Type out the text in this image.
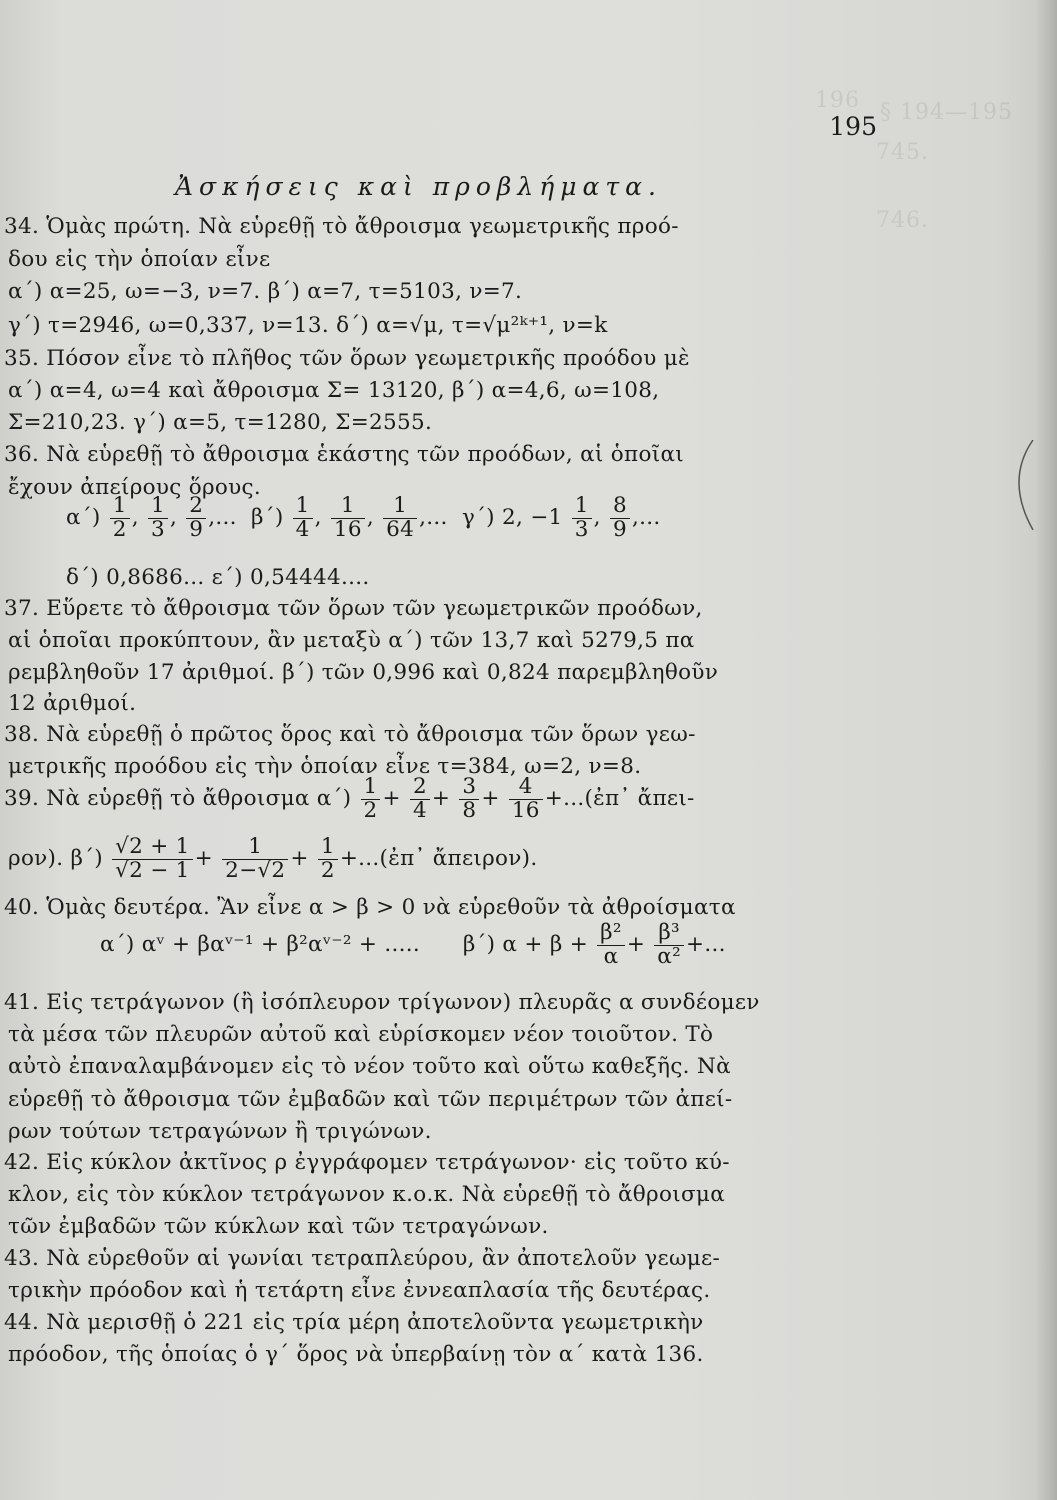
196 § 194—195
745.
746.
195
Ἀσκήσεις καὶ προβλήματα.
34. Ὁμὰς πρώτη. Νὰ εὑρεθῇ τὸ ἄθροισμα γεωμετρικῆς προό-
δου εἰς τὴν ὁποίαν εἶνε
α΄) α=25, ω=−3, ν=7. β΄) α=7, τ=5103, ν=7.
γ΄) τ=2946, ω=0,337, ν=13. δ΄) α=√μ, τ=√μ²ᵏ⁺¹, ν=k
35. Πόσον εἶνε τὸ πλῆθος τῶν ὅρων γεωμετρικῆς προόδου μὲ
α΄) α=4, ω=4 καὶ ἄθροισμα Σ= 13120, β΄) α=4,6, ω=108,
Σ=210,23. γ΄) α=5, τ=1280, Σ=2555.
36. Νὰ εὑρεθῇ τὸ ἄθροισμα ἑκάστης τῶν προόδων, αἱ ὁποῖαι
ἔχουν ἀπείρους ὅρους.
$\alpha΄) \frac{1}{2}$ , $\frac{1}{3}$ , $\frac{2}{9}$ ,... $\beta΄) \frac{1}{4}$ , $\frac{1}{16}$ , $\frac{1}{64}$ ,... γ΄) 2, $-1 \frac{1}{3}$ , $\frac{8}{9}$ ,...
δ΄) 0,8686... ε΄) 0,54444....
37. Εὕρετε τὸ ἄθροισμα τῶν ὅρων τῶν γεωμετρικῶν προόδων,
αἱ ὁποῖαι προκύπτουν, ἂν μεταξὺ α΄) τῶν 13,7 καὶ 5279,5 πα
ρεμβληθοῦν 17 ἀριθμοί. β΄) τῶν 0,996 καὶ 0,824 παρεμβληθοῦν
12 ἀριθμοί.
38. Νὰ εὑρεθῇ ὁ πρῶτος ὅρος καὶ τὸ ἄθροισμα τῶν ὅρων γεω-
μετρικῆς προόδου εἰς τὴν ὁποίαν εἶνε τ=384, ω=2, ν=8.
39. Νὰ εὑρεθῇ τὸ ἄθροισμα $\alpha΄) \frac{1}{2} + \frac{2}{4} + \frac{3}{8} + \frac{4}{16}$ +...(ἐπ᾽ ἄπει-
ρον). $\beta΄) \frac{√2 + 1}{√2 - 1} + \frac{1}{2-√2} + \frac{1}{2}$ +...(ἐπ᾽ ἄπειρον).
40. Ὁμὰς δευτέρα. Ἂν εἶνε α > β > 0 νὰ εὑρεθοῦν τὰ ἀθροίσματα
α΄) αᵛ + βαᵛ⁻¹ + β²αᵛ⁻² + ..... β΄) $\alpha + \beta + \frac{\text{β²}}{\alpha} + \frac{\text{β³}}{\text{α²}}$ +...
41. Εἰς τετράγωνον (ἢ ἰσόπλευρον τρίγωνον) πλευρᾶς α συνδέομεν
τὰ μέσα τῶν πλευρῶν αὐτοῦ καὶ εὑρίσκομεν νέον τοιοῦτον. Τὸ
αὐτὸ ἐπαναλαμβάνομεν εἰς τὸ νέον τοῦτο καὶ οὕτω καθεξῆς. Νὰ
εὑρεθῇ τὸ ἄθροισμα τῶν ἐμβαδῶν καὶ τῶν περιμέτρων τῶν ἀπεί-
ρων τούτων τετραγώνων ἢ τριγώνων.
42. Εἰς κύκλον ἀκτῖνος ρ ἐγγράφομεν τετράγωνον· εἰς τοῦτο κύ-
κλον, εἰς τὸν κύκλον τετράγωνον κ.ο.κ. Νὰ εὑρεθῇ τὸ ἄθροισμα
τῶν ἐμβαδῶν τῶν κύκλων καὶ τῶν τετραγώνων.
43. Νὰ εὑρεθοῦν αἱ γωνίαι τετραπλεύρου, ἂν ἀποτελοῦν γεωμε-
τρικὴν πρόοδον καὶ ἡ τετάρτη εἶνε ἐννεαπλασία τῆς δευτέρας.
44. Νὰ μερισθῇ ὁ 221 εἰς τρία μέρη ἀποτελοῦντα γεωμετρικὴν
πρόοδον, τῆς ὁποίας ὁ γ΄ ὅρος νὰ ὑπερβαίνῃ τὸν α΄ κατὰ 136.
